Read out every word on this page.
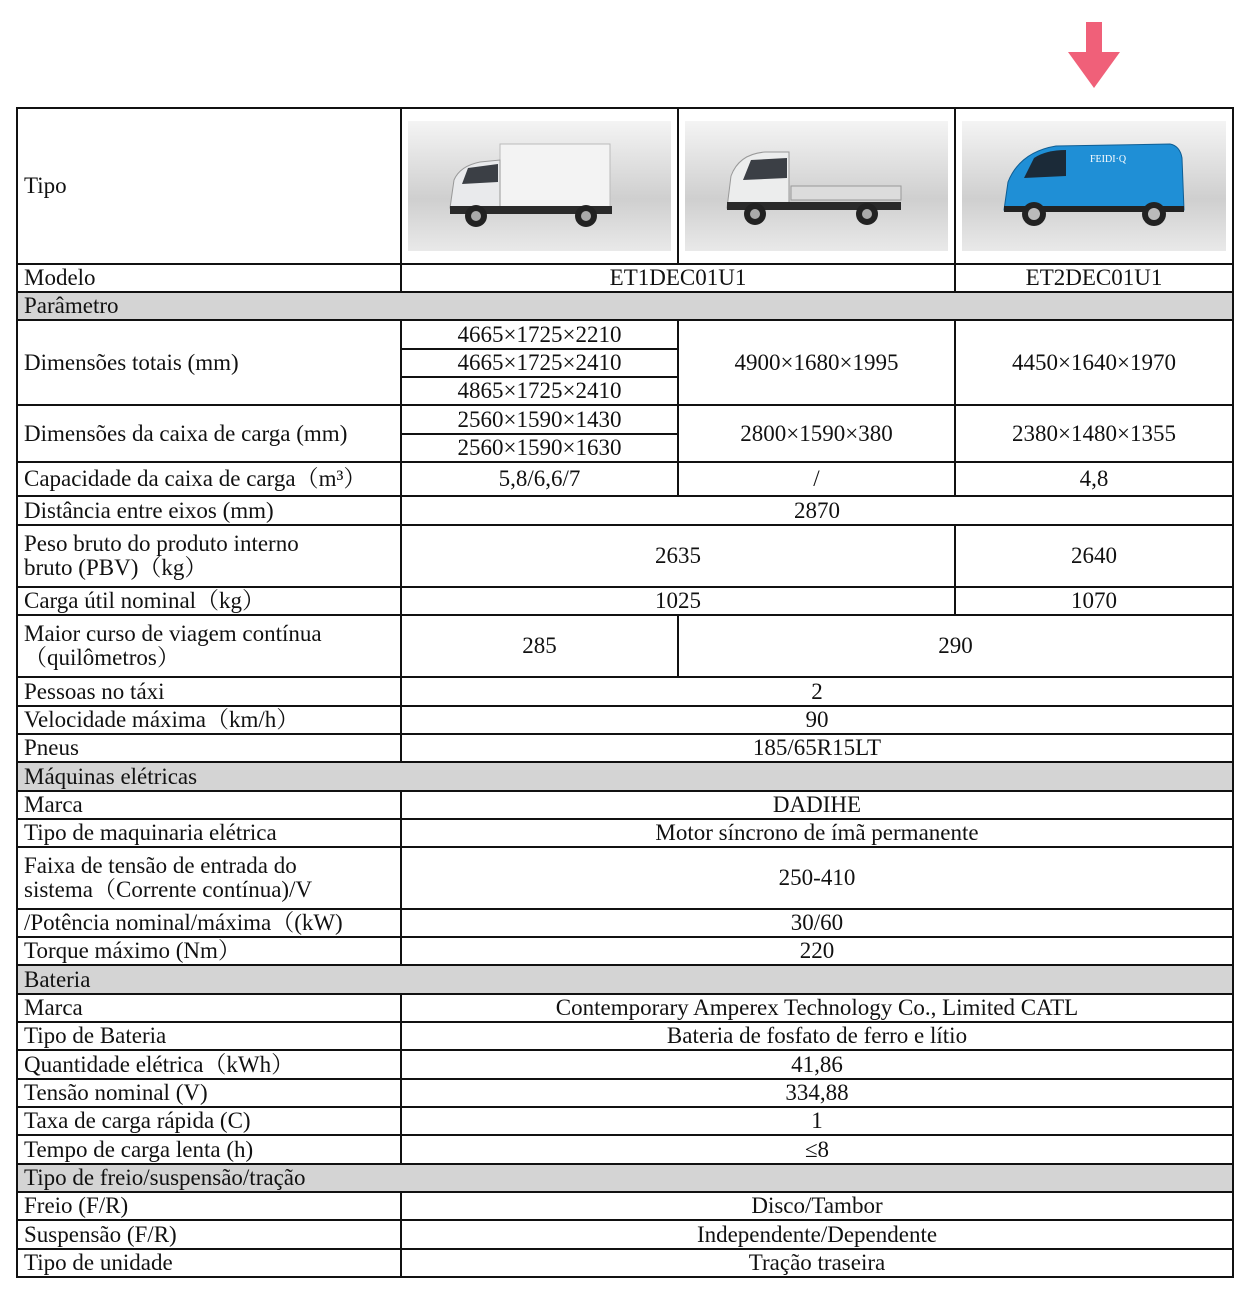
Tipo			FEIDI·Q

Modelo	ET1DEC01U1		ET2DEC01U1
Parâmetro			
Dimensões totais (mm)	4665×1725×2210	4900×1680×1995	4450×1640×1970
	4665×1725×2410		
	4865×1725×2410		
Dimensões da caixa de carga (mm)	2560×1590×1430	2800×1590×380	2380×1480×1355
	2560×1590×1630		
Capacidade da caixa de carga（m³）	5,8/6,6/7	/	4,8
Distância entre eixos (mm)	2870		
Peso bruto do produto interno
bruto (PBV)（kg）	2635		2640
Carga útil nominal（kg）	1025		1070
Maior curso de viagem contínua
（quilômetros）	285	290	
Pessoas no táxi	2		
Velocidade máxima（km/h）	90		
Pneus	185/65R15LT		
Máquinas elétricas			
Marca	DADIHE		
Tipo de maquinaria elétrica	Motor síncrono de ímã permanente		
Faixa de tensão de entrada do
sistema（Corrente contínua)/V	250-410		
/Potência nominal/máxima（(kW)	30/60		
Torque máximo (Nm）	220		
Bateria			
Marca	Contemporary Amperex Technology Co., Limited CATL		
Tipo de Bateria	Bateria de fosfato de ferro e lítio		
Quantidade elétrica（kWh）	41,86		
Tensão nominal (V)	334,88		
Taxa de carga rápida (C)	1		
Tempo de carga lenta (h)	≤8		
Tipo de freio/suspensão/tração			
Freio (F/R)	Disco/Tambor		
Suspensão (F/R)	Independente/Dependente		
Tipo de unidade	Tração traseira		
